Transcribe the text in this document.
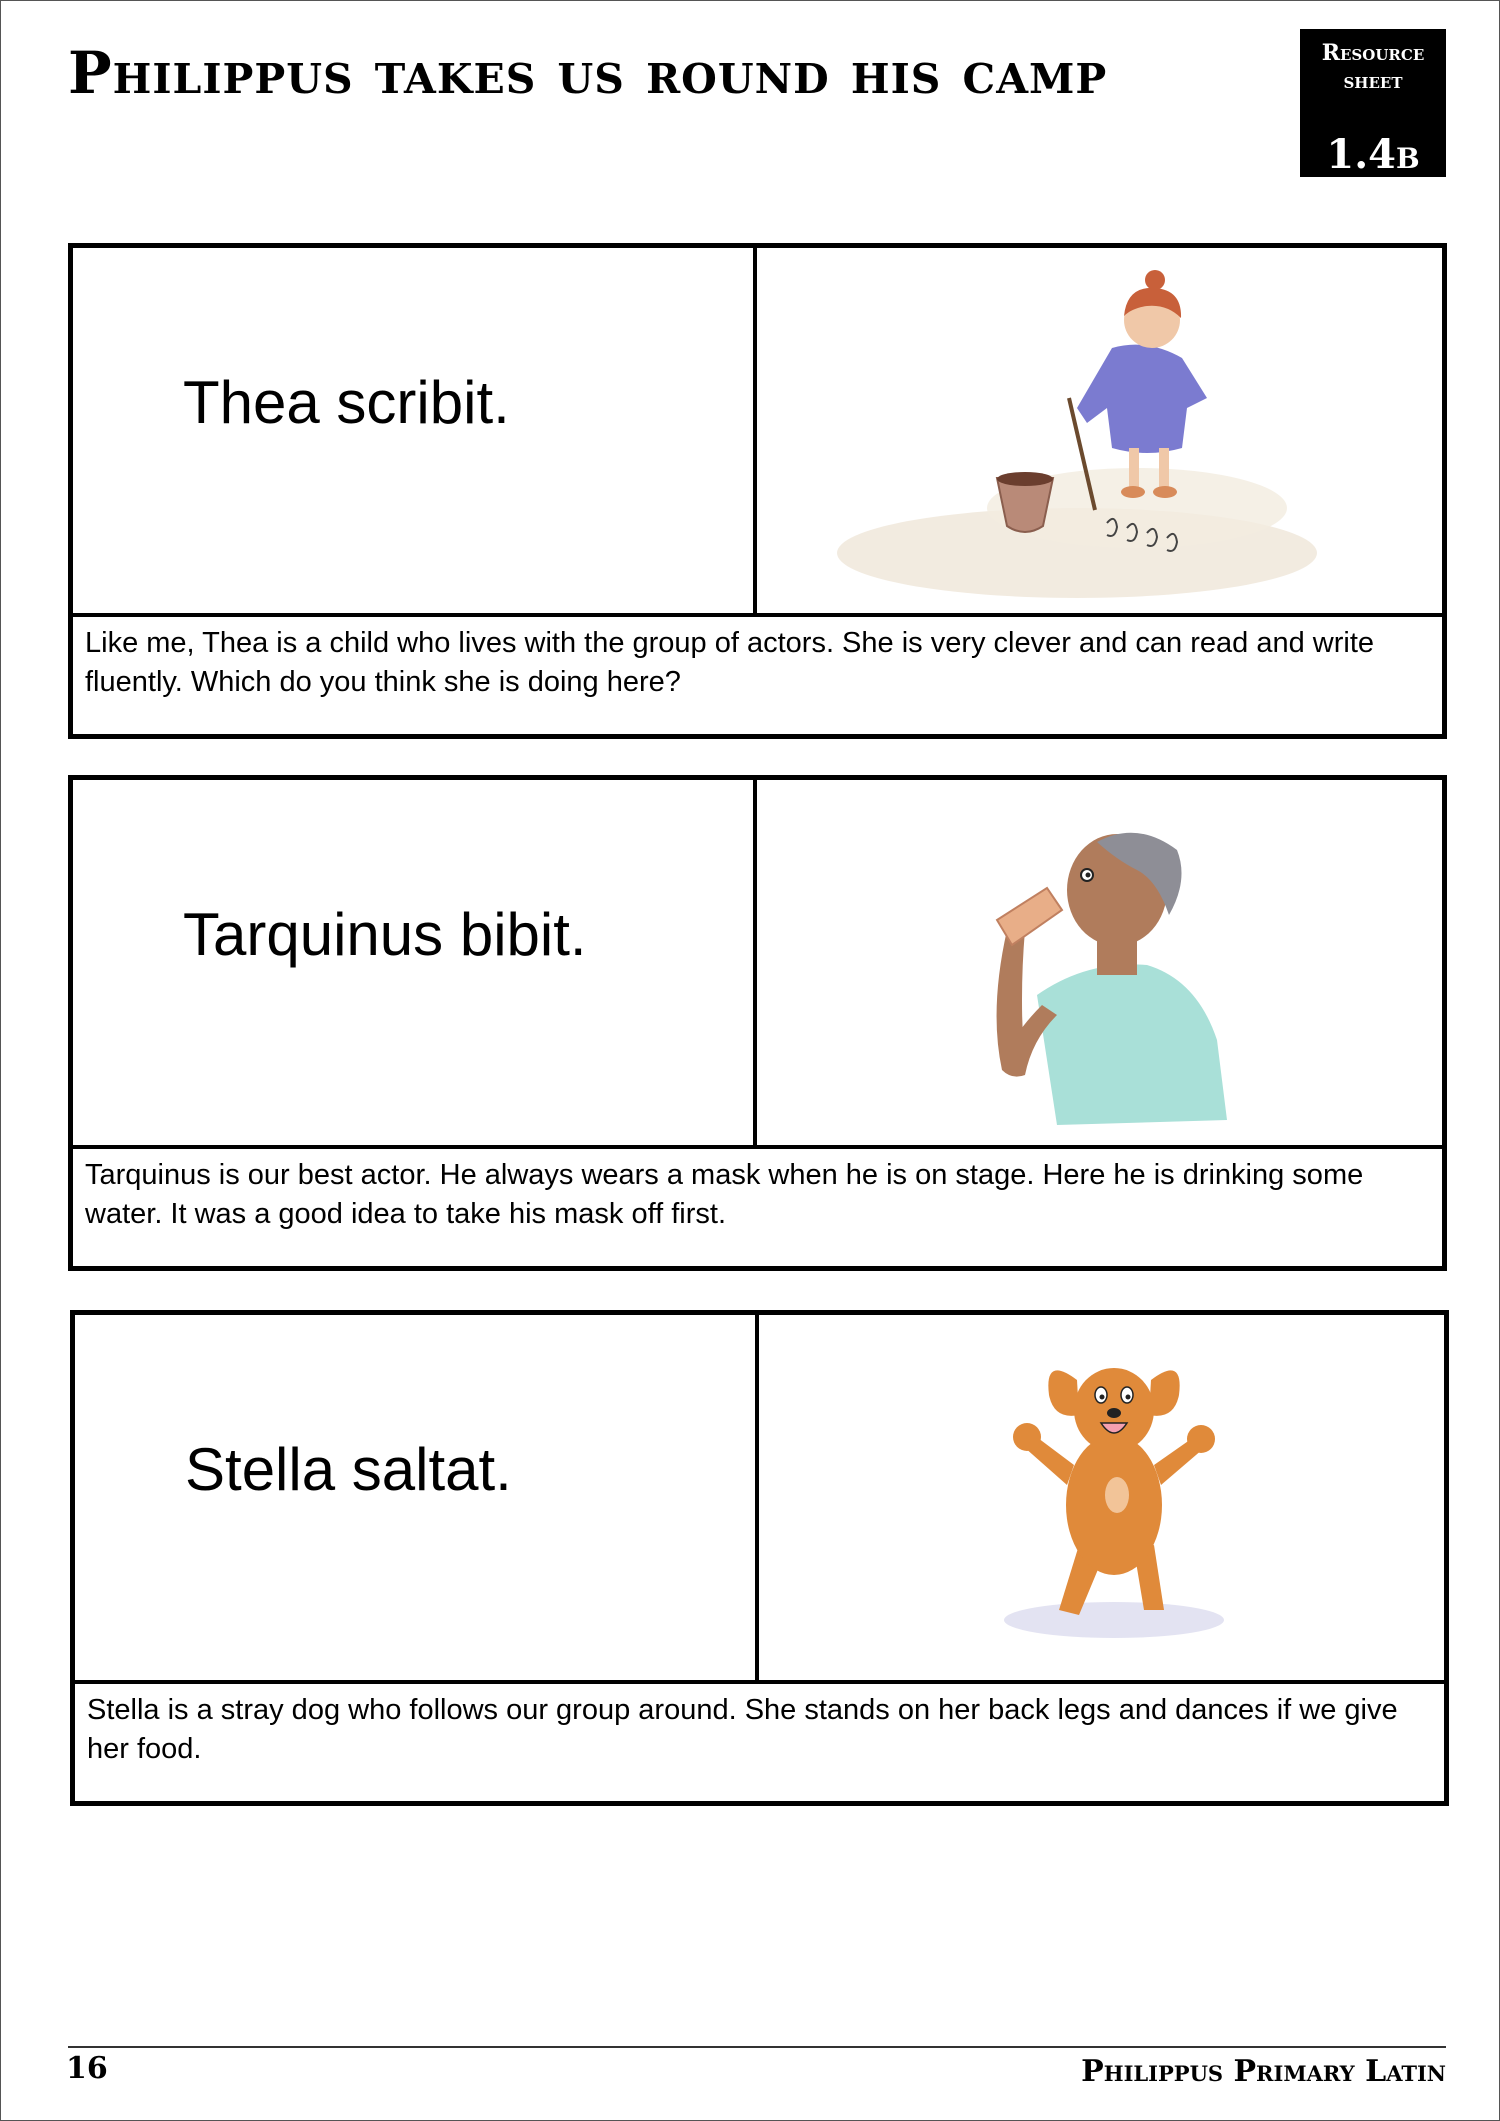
Philippus takes us round his camp	Resource
sheet
1.4b
Thea scribit.
Like me, Thea is a child who lives with the group of actors. She is very clever and can read and write fluently. Which do you think she is doing here?
Tarquinus bibit.
Tarquinus is our best actor. He always wears a mask when he is on stage. Here he is drinking some water. It was a good idea to take his mask off first.
Stella saltat.
Stella is a stray dog who follows our group around. She stands on her back legs and dances if we give her food.
16	Philippus Primary Latin
